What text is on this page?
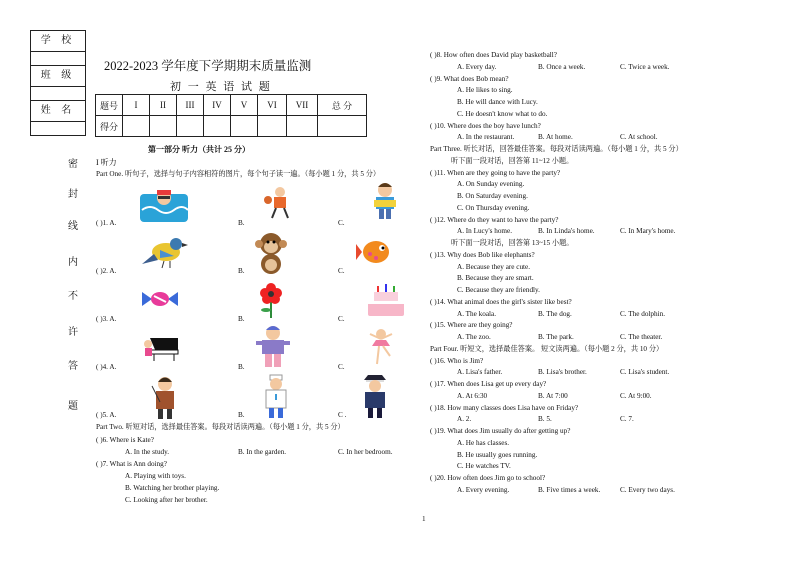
学 校
班 级
姓 名
密
封
线
内
不
许
答
题
2022-2023 学年度下学期期末质量监测
初 一 英 语 试 题
题号	I	II	III	IV	V	VI	VII	总 分
得分								
第一部分 听力（共计 25 分）
I 听力
Part One. 听句子，选择与句子内容相符的图片，每个句子读一遍。（每小题 1 分，共 5 分）
( )1. A.	B.	C.
( )2. A.	B.	C.
( )3. A.	B.	C.
( )4. A.	B.	C.
( )5. A.	B.	C .
Part Two. 听短对话，选择最佳答案。每段对话读两遍。（每小题 1 分，共 5 分）
( )6. Where is Kate?
A. In the study.	B. In the garden.	C. In her bedroom.
( )7. What is Ann doing?
A. Playing with toys.
B. Watching her brother playing.
C. Looking after her brother.
( )8. How often does David play basketball?
A. Every day.	B. Once a week.	C. Twice a week.
( )9. What does Bob mean?
A. He likes to sing.
B. He will dance with Lucy.
C. He doesn't know what to do.
( )10. Where does the boy have lunch?
A. In the restaurant.	B. At home.	C. At school.
Part Three. 听长对话，回答最佳答案。每段对话读两遍。（每小题 1 分，共 5 分）
听下面一段对话，回答第 11~12 小题。
( )11. When are they going to have the party?
A. On Sunday evening.
B. On Saturday evening.
C. On Thursday evening.
( )12. Where do they want to have the party?
A. In Lucy's home.	B. In Linda's home.	C. In Mary's home.
听下面一段对话，回答第 13~15 小题。
( )13. Why does Bob like elephants?
A. Because they are cute.
B. Because they are smart.
C. Because they are friendly.
( )14. What animal does the girl's sister like best?
A. The koala.	B. The dog.	C. The dolphin.
( )15. Where are they going?
A. The zoo.	B. The park.	C. The theater.
Part Four. 听短文，选择最佳答案。 短文读两遍。（每小题 2 分，共 10 分）
( )16. Who is Jim?
A. Lisa's father.	B. Lisa's brother.	C. Lisa's student.
( )17. When does Lisa get up every day?
A. At 6:30	B. At 7:00	C. At 9:00.
( )18. How many classes does Lisa have on Friday?
A. 2.	B. 5.	C. 7.
( )19. What does Jim usually do after getting up?
A. He has classes.
B. He usually goes running.
C. He watches TV.
( )20. How often does Jim go to school?
A. Every evening.	B. Five times a week.	C. Every two days.
1
